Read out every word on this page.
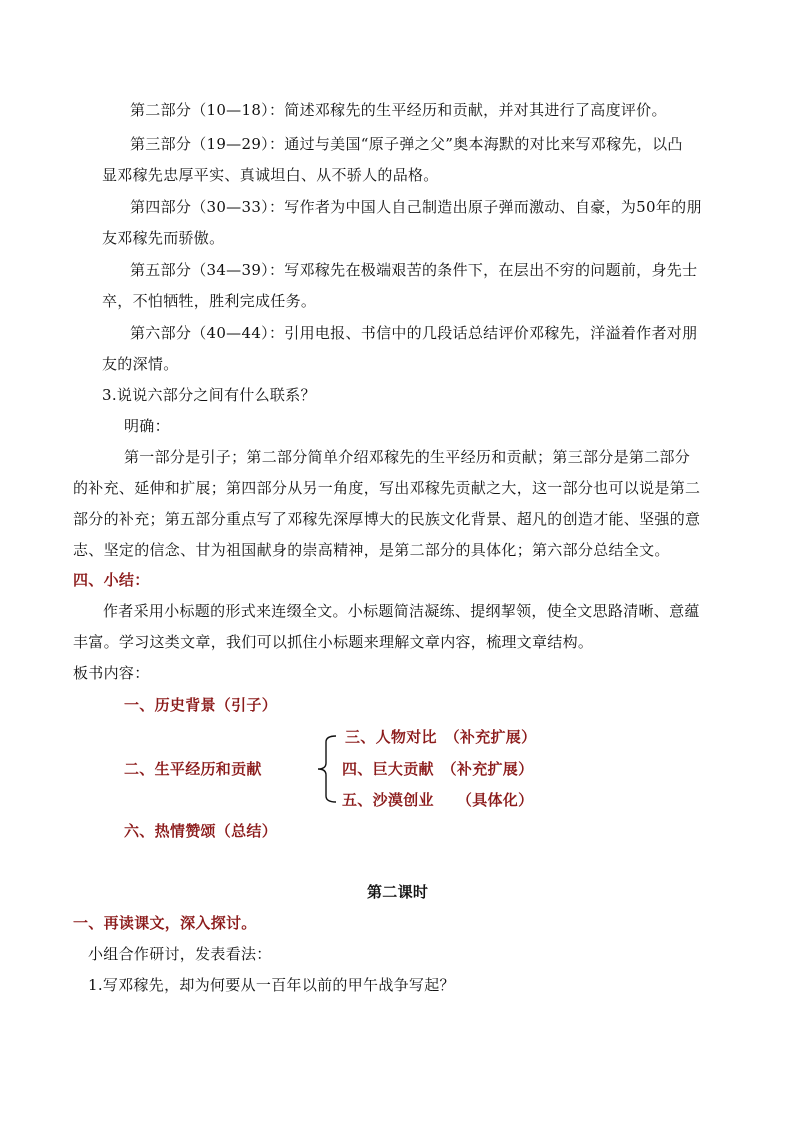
第二部分（10—18）：简述邓稼先的生平经历和贡献，并对其进行了高度评价。
第三部分（19—29）：通过与美国“原子弹之父”奥本海默的对比来写邓稼先，以凸
显邓稼先忠厚平实、真诚坦白、从不骄人的品格。
第四部分（30—33）：写作者为中国人自己制造出原子弹而激动、自豪，为50年的朋
友邓稼先而骄傲。
第五部分（34—39）：写邓稼先在极端艰苦的条件下，在层出不穷的问题前，身先士
卒，不怕牺牲，胜利完成任务。
第六部分（40—44）：引用电报、书信中的几段话总结评价邓稼先，洋溢着作者对朋
友的深情。
3.说说六部分之间有什么联系？
明确：
第一部分是引子；第二部分简单介绍邓稼先的生平经历和贡献；第三部分是第二部分
的补充、延伸和扩展；第四部分从另一角度，写出邓稼先贡献之大，这一部分也可以说是第二
部分的补充；第五部分重点写了邓稼先深厚博大的民族文化背景、超凡的创造才能、坚强的意
志、坚定的信念、甘为祖国献身的崇高精神，是第二部分的具体化；第六部分总结全文。
四、小结：
作者采用小标题的形式来连缀全文。小标题简洁凝练、提纲挈领，使全文思路清晰、意蕴
丰富。学习这类文章，我们可以抓住小标题来理解文章内容，梳理文章结构。
板书内容：
一、历史背景（引子）
三、人物对比　（补充扩展）
二、生平经历和贡献	四、巨大贡献　（补充扩展）
五、沙漠创业　　（具体化）
六、热情赞颂（总结）
第二课时
一、再读课文，深入探讨。
小组合作研讨，发表看法：
1.写邓稼先，却为何要从一百年以前的甲午战争写起？
